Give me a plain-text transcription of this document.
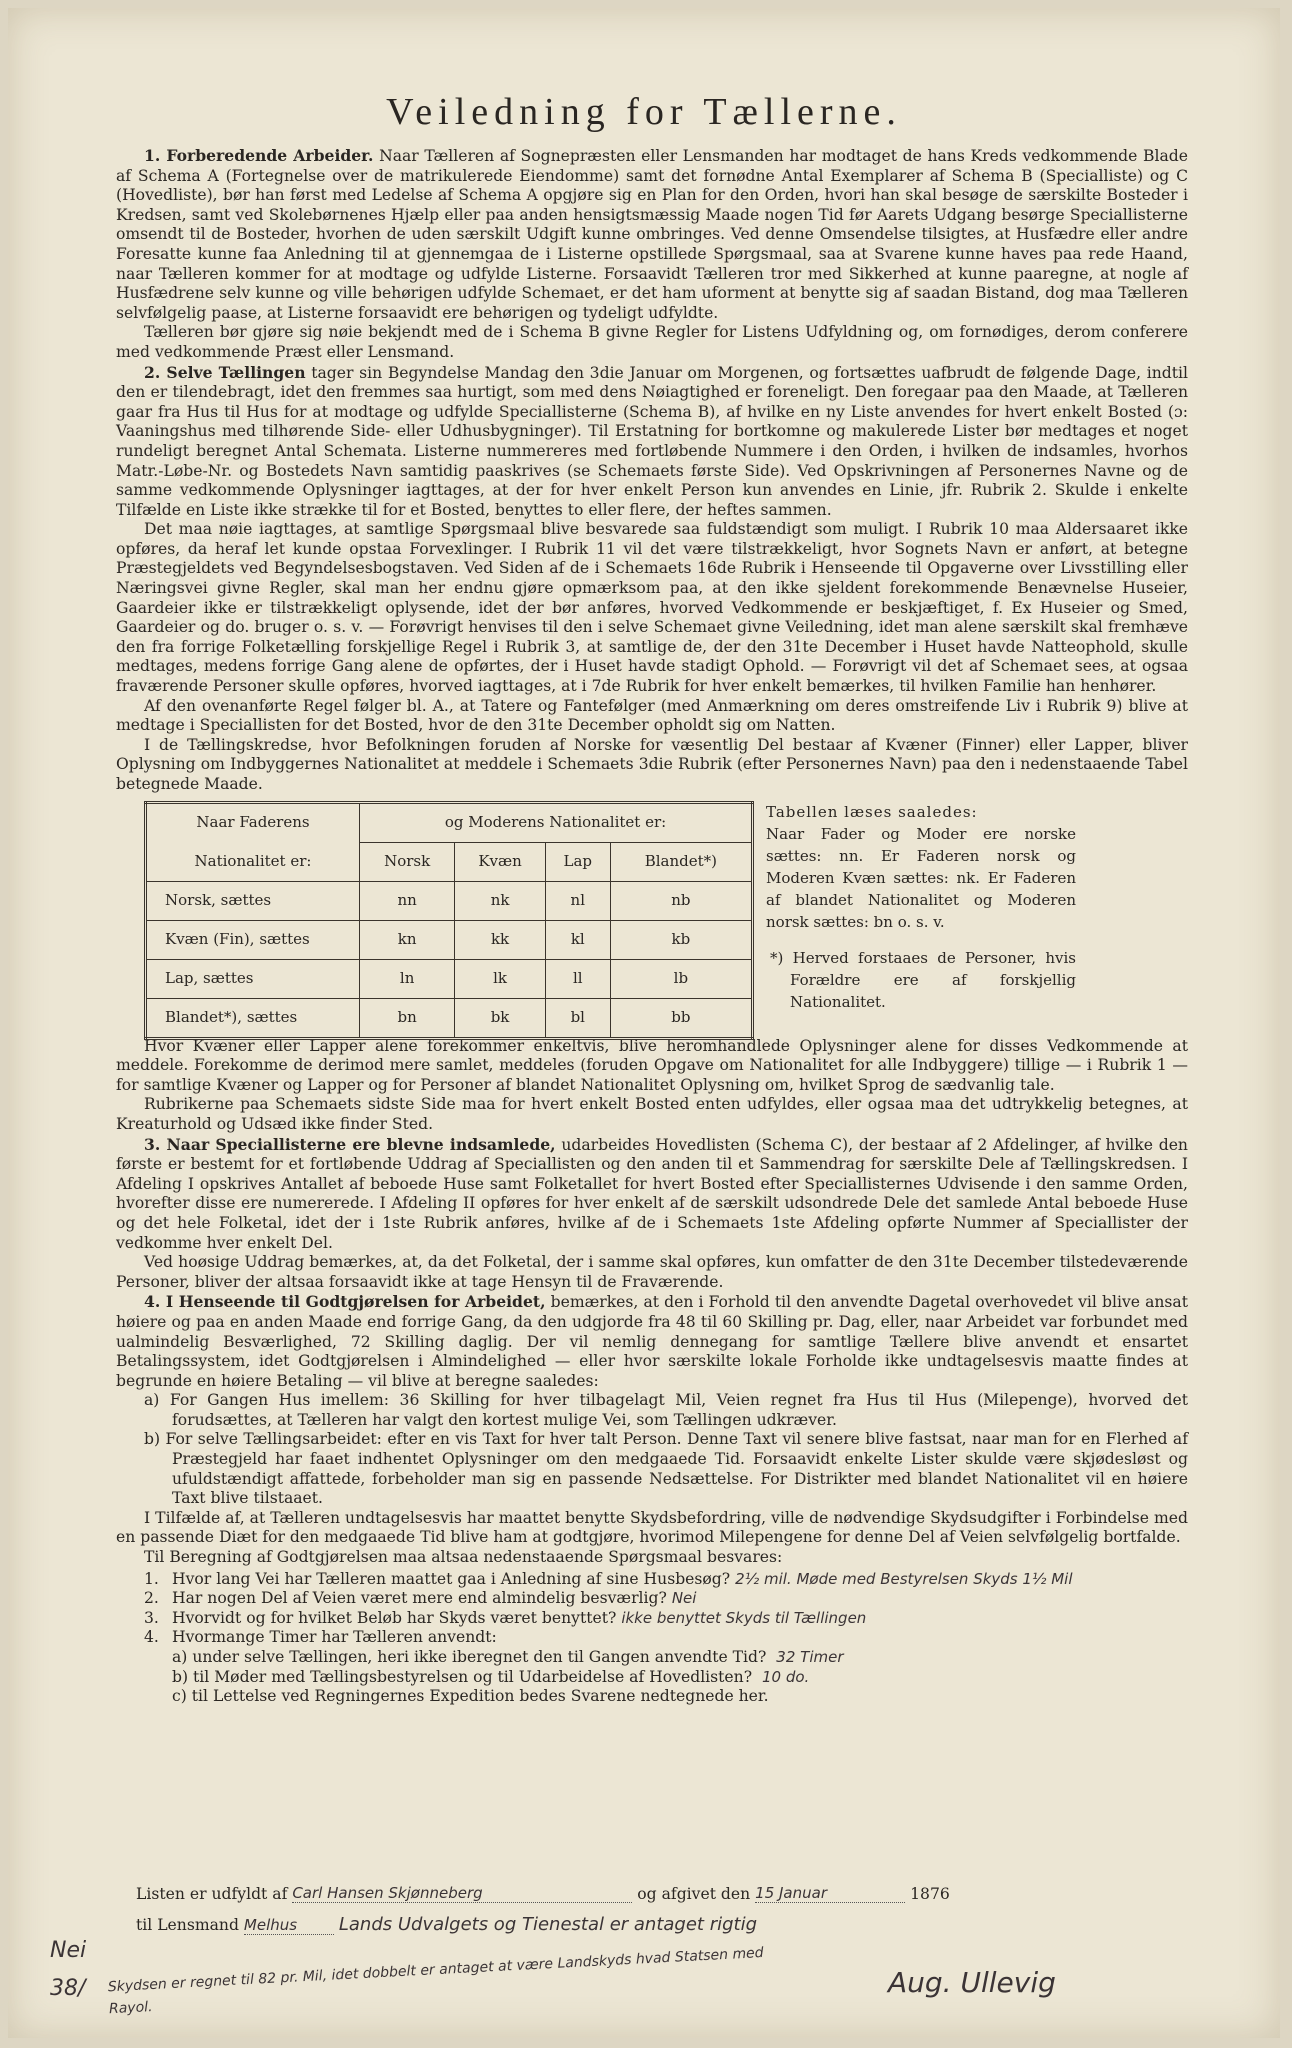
Veiledning for Tællerne.

1. Forberedende Arbeider. Naar Tælleren af Sognepræsten eller Lensmanden har modtaget de hans Kreds vedkommende Blade af Schema A (Fortegnelse over de matrikulerede Eiendomme) samt det fornødne Antal Exemplarer af Schema B (Specialliste) og C (Hovedliste), bør han først med Ledelse af Schema A opgjøre sig en Plan for den Orden, hvori han skal besøge de særskilte Bosteder i Kredsen, samt ved Skolebørnenes Hjælp eller paa anden hensigtsmæssig Maade nogen Tid før Aarets Udgang besørge Speciallisterne omsendt til de Bosteder, hvorhen de uden særskilt Udgift kunne ombringes. Ved denne Omsendelse tilsigtes, at Husfædre eller andre Foresatte kunne faa Anledning til at gjennemgaa de i Listerne opstillede Spørgsmaal, saa at Svarene kunne haves paa rede Haand, naar Tælleren kommer for at modtage og udfylde Listerne. Forsaavidt Tælleren tror med Sikkerhed at kunne paaregne, at nogle af Husfædrene selv kunne og ville behørigen udfylde Schemaet, er det ham uforment at benytte sig af saadan Bistand, dog maa Tælleren selvfølgelig paase, at Listerne forsaavidt ere behørigen og tydeligt udfyldte.

Tælleren bør gjøre sig nøie bekjendt med de i Schema B givne Regler for Listens Udfyldning og, om fornødiges, derom conferere med vedkommende Præst eller Lensmand.

2. Selve Tællingen tager sin Begyndelse Mandag den 3die Januar om Morgenen, og fortsættes uafbrudt de følgende Dage, indtil den er tilendebragt, idet den fremmes saa hurtigt, som med dens Nøiagtighed er foreneligt. Den foregaar paa den Maade, at Tælleren gaar fra Hus til Hus for at modtage og udfylde Speciallisterne (Schema B), af hvilke en ny Liste anvendes for hvert enkelt Bosted (ɔ: Vaaningshus med tilhørende Side- eller Udhusbygninger). Til Erstatning for bortkomne og makulerede Lister bør medtages et noget rundeligt beregnet Antal Schemata. Listerne nummereres med fortløbende Nummere i den Orden, i hvilken de indsamles, hvorhos Matr.-Løbe-Nr. og Bostedets Navn samtidig paaskrives (se Schemaets første Side). Ved Opskrivningen af Personernes Navne og de samme vedkommende Oplysninger iagttages, at der for hver enkelt Person kun anvendes en Linie, jfr. Rubrik 2. Skulde i enkelte Tilfælde en Liste ikke strække til for et Bosted, benyttes to eller flere, der heftes sammen.

Det maa nøie iagttages, at samtlige Spørgsmaal blive besvarede saa fuldstændigt som muligt. I Rubrik 10 maa Aldersaaret ikke opføres, da heraf let kunde opstaa Forvexlinger. I Rubrik 11 vil det være tilstrækkeligt, hvor Sognets Navn er anført, at betegne Præstegjeldets ved Begyndelsesbogstaven. Ved Siden af de i Schemaets 16de Rubrik i Henseende til Opgaverne over Livsstilling eller Næringsvei givne Regler, skal man her endnu gjøre opmærksom paa, at den ikke sjeldent forekommende Benævnelse Huseier, Gaardeier ikke er tilstrækkeligt oplysende, idet der bør anføres, hvorved Vedkommende er beskjæftiget, f. Ex Huseier og Smed, Gaardeier og do. bruger o. s. v. — Forøvrigt henvises til den i selve Schemaet givne Veiledning, idet man alene særskilt skal fremhæve den fra forrige Folketælling forskjellige Regel i Rubrik 3, at samtlige de, der den 31te December i Huset havde Natteophold, skulle medtages, medens forrige Gang alene de opførtes, der i Huset havde stadigt Ophold. — Forøvrigt vil det af Schemaet sees, at ogsaa fraværende Personer skulle opføres, hvorved iagttages, at i 7de Rubrik for hver enkelt bemærkes, til hvilken Familie han henhører.

Af den ovenanførte Regel følger bl. A., at Tatere og Fantefølger (med Anmærkning om deres omstreifende Liv i Rubrik 9) blive at medtage i Speciallisten for det Bosted, hvor de den 31te December opholdt sig om Natten.

I de Tællingskredse, hvor Befolkningen foruden af Norske for væsentlig Del bestaar af Kvæner (Finner) eller Lapper, bliver Oplysning om Indbyggernes Nationalitet at meddele i Schemaets 3die Rubrik (efter Personernes Navn) paa den i nedenstaaende Tabel betegnede Maade.

Naar Faderens	og Moderens Nationalitet er:			
Nationalitet er:	Norsk	Kvæn	Lap	Blandet*)
Norsk, sættes	nn	nk	nl	nb
Kvæn (Fin), sættes	kn	kk	kl	kb
Lap, sættes	ln	lk	ll	lb
Blandet*), sættes	bn	bk	bl	bb
Tabellen læses saaledes:
Naar Fader og Moder ere norske sættes: nn. Er Faderen norsk og Moderen Kvæn sættes: nk. Er Faderen af blandet Nationalitet og Moderen norsk sættes: bn o. s. v.
*) Herved forstaaes de Personer, hvis Forældre ere af forskjellig Nationalitet.

Hvor Kvæner eller Lapper alene forekommer enkeltvis, blive heromhandlede Oplysninger alene for disses Vedkommende at meddele. Forekomme de derimod mere samlet, meddeles (foruden Opgave om Nationalitet for alle Indbyggere) tillige — i Rubrik 1 — for samtlige Kvæner og Lapper og for Personer af blandet Nationalitet Oplysning om, hvilket Sprog de sædvanlig tale.

Rubrikerne paa Schemaets sidste Side maa for hvert enkelt Bosted enten udfyldes, eller ogsaa maa det udtrykkelig betegnes, at Kreaturhold og Udsæd ikke finder Sted.

3. Naar Speciallisterne ere blevne indsamlede, udarbeides Hovedlisten (Schema C), der bestaar af 2 Afdelinger, af hvilke den første er bestemt for et fortløbende Uddrag af Speciallisten og den anden til et Sammendrag for særskilte Dele af Tællingskredsen. I Afdeling I opskrives Antallet af beboede Huse samt Folketallet for hvert Bosted efter Speciallisternes Udvisende i den samme Orden, hvorefter disse ere numererede. I Afdeling II opføres for hver enkelt af de særskilt udsondrede Dele det samlede Antal beboede Huse og det hele Folketal, idet der i 1ste Rubrik anføres, hvilke af de i Schemaets 1ste Afdeling opførte Nummer af Speciallister der vedkomme hver enkelt Del.

Ved hoøsige Uddrag bemærkes, at, da det Folketal, der i samme skal opføres, kun omfatter de den 31te December tilstedeværende Personer, bliver der altsaa forsaavidt ikke at tage Hensyn til de Fraværende.

4. I Henseende til Godtgjørelsen for Arbeidet, bemærkes, at den i Forhold til den anvendte Dagetal overhovedet vil blive ansat høiere og paa en anden Maade end forrige Gang, da den udgjorde fra 48 til 60 Skilling pr. Dag, eller, naar Arbeidet var forbundet med ualmindelig Besværlighed, 72 Skilling daglig. Der vil nemlig dennegang for samtlige Tællere blive anvendt et ensartet Betalingssystem, idet Godtgjørelsen i Almindelighed — eller hvor særskilte lokale Forholde ikke undtagelsesvis maatte findes at begrunde en høiere Betaling — vil blive at beregne saaledes:

a) For Gangen Hus imellem: 36 Skilling for hver tilbagelagt Mil, Veien regnet fra Hus til Hus (Milepenge), hvorved det forudsættes, at Tælleren har valgt den kortest mulige Vei, som Tællingen udkræver.

b) For selve Tællingsarbeidet: efter en vis Taxt for hver talt Person. Denne Taxt vil senere blive fastsat, naar man for en Flerhed af Præstegjeld har faaet indhentet Oplysninger om den medgaaede Tid. Forsaavidt enkelte Lister skulde være skjødesløst og ufuldstændigt affattede, forbeholder man sig en passende Nedsættelse. For Distrikter med blandet Nationalitet vil en høiere Taxt blive tilstaaet.

I Tilfælde af, at Tælleren undtagelsesvis har maattet benytte Skydsbefordring, ville de nødvendige Skydsudgifter i Forbindelse med en passende Diæt for den medgaaede Tid blive ham at godtgjøre, hvorimod Milepengene for denne Del af Veien selvfølgelig bortfalde.

Til Beregning af Godtgjørelsen maa altsaa nedenstaaende Spørgsmaal besvares:

1. Hvor lang Vei har Tælleren maattet gaa i Anledning af sine Husbesøg?
2½ mil. Møde med Bestyrelsen Skyds 1½ Mil
2. Har nogen Del af Veien været mere end almindelig besværlig?
Nei
3. Hvorvidt og for hvilket Beløb har Skyds været benyttet?
ikke benyttet Skyds til Tællingen
4. Hvormange Timer har Tælleren anvendt:
a) under selve Tællingen, heri ikke iberegnet den til Gangen anvendte Tid? 32 Timer
b) til Møder med Tællingsbestyrelsen og til Udarbeidelse af Hovedlisten? 10 do.
c) til Lettelse ved Regningernes Expedition bedes Svarene nedtegnede her.
Listen er udfyldt af Carl Hansen Skjønneberg	og afgivet den 15 Januar	1876
til Lensmand Melhus Lands Udvalgets og Tienestal er antaget rigtig
Nei
38/ Skydsen er regnet til 82 pr. Mil, idet dobbelt er antaget at være Landskyds hvad Statsen med Rayol.
Aug. Ullevig
